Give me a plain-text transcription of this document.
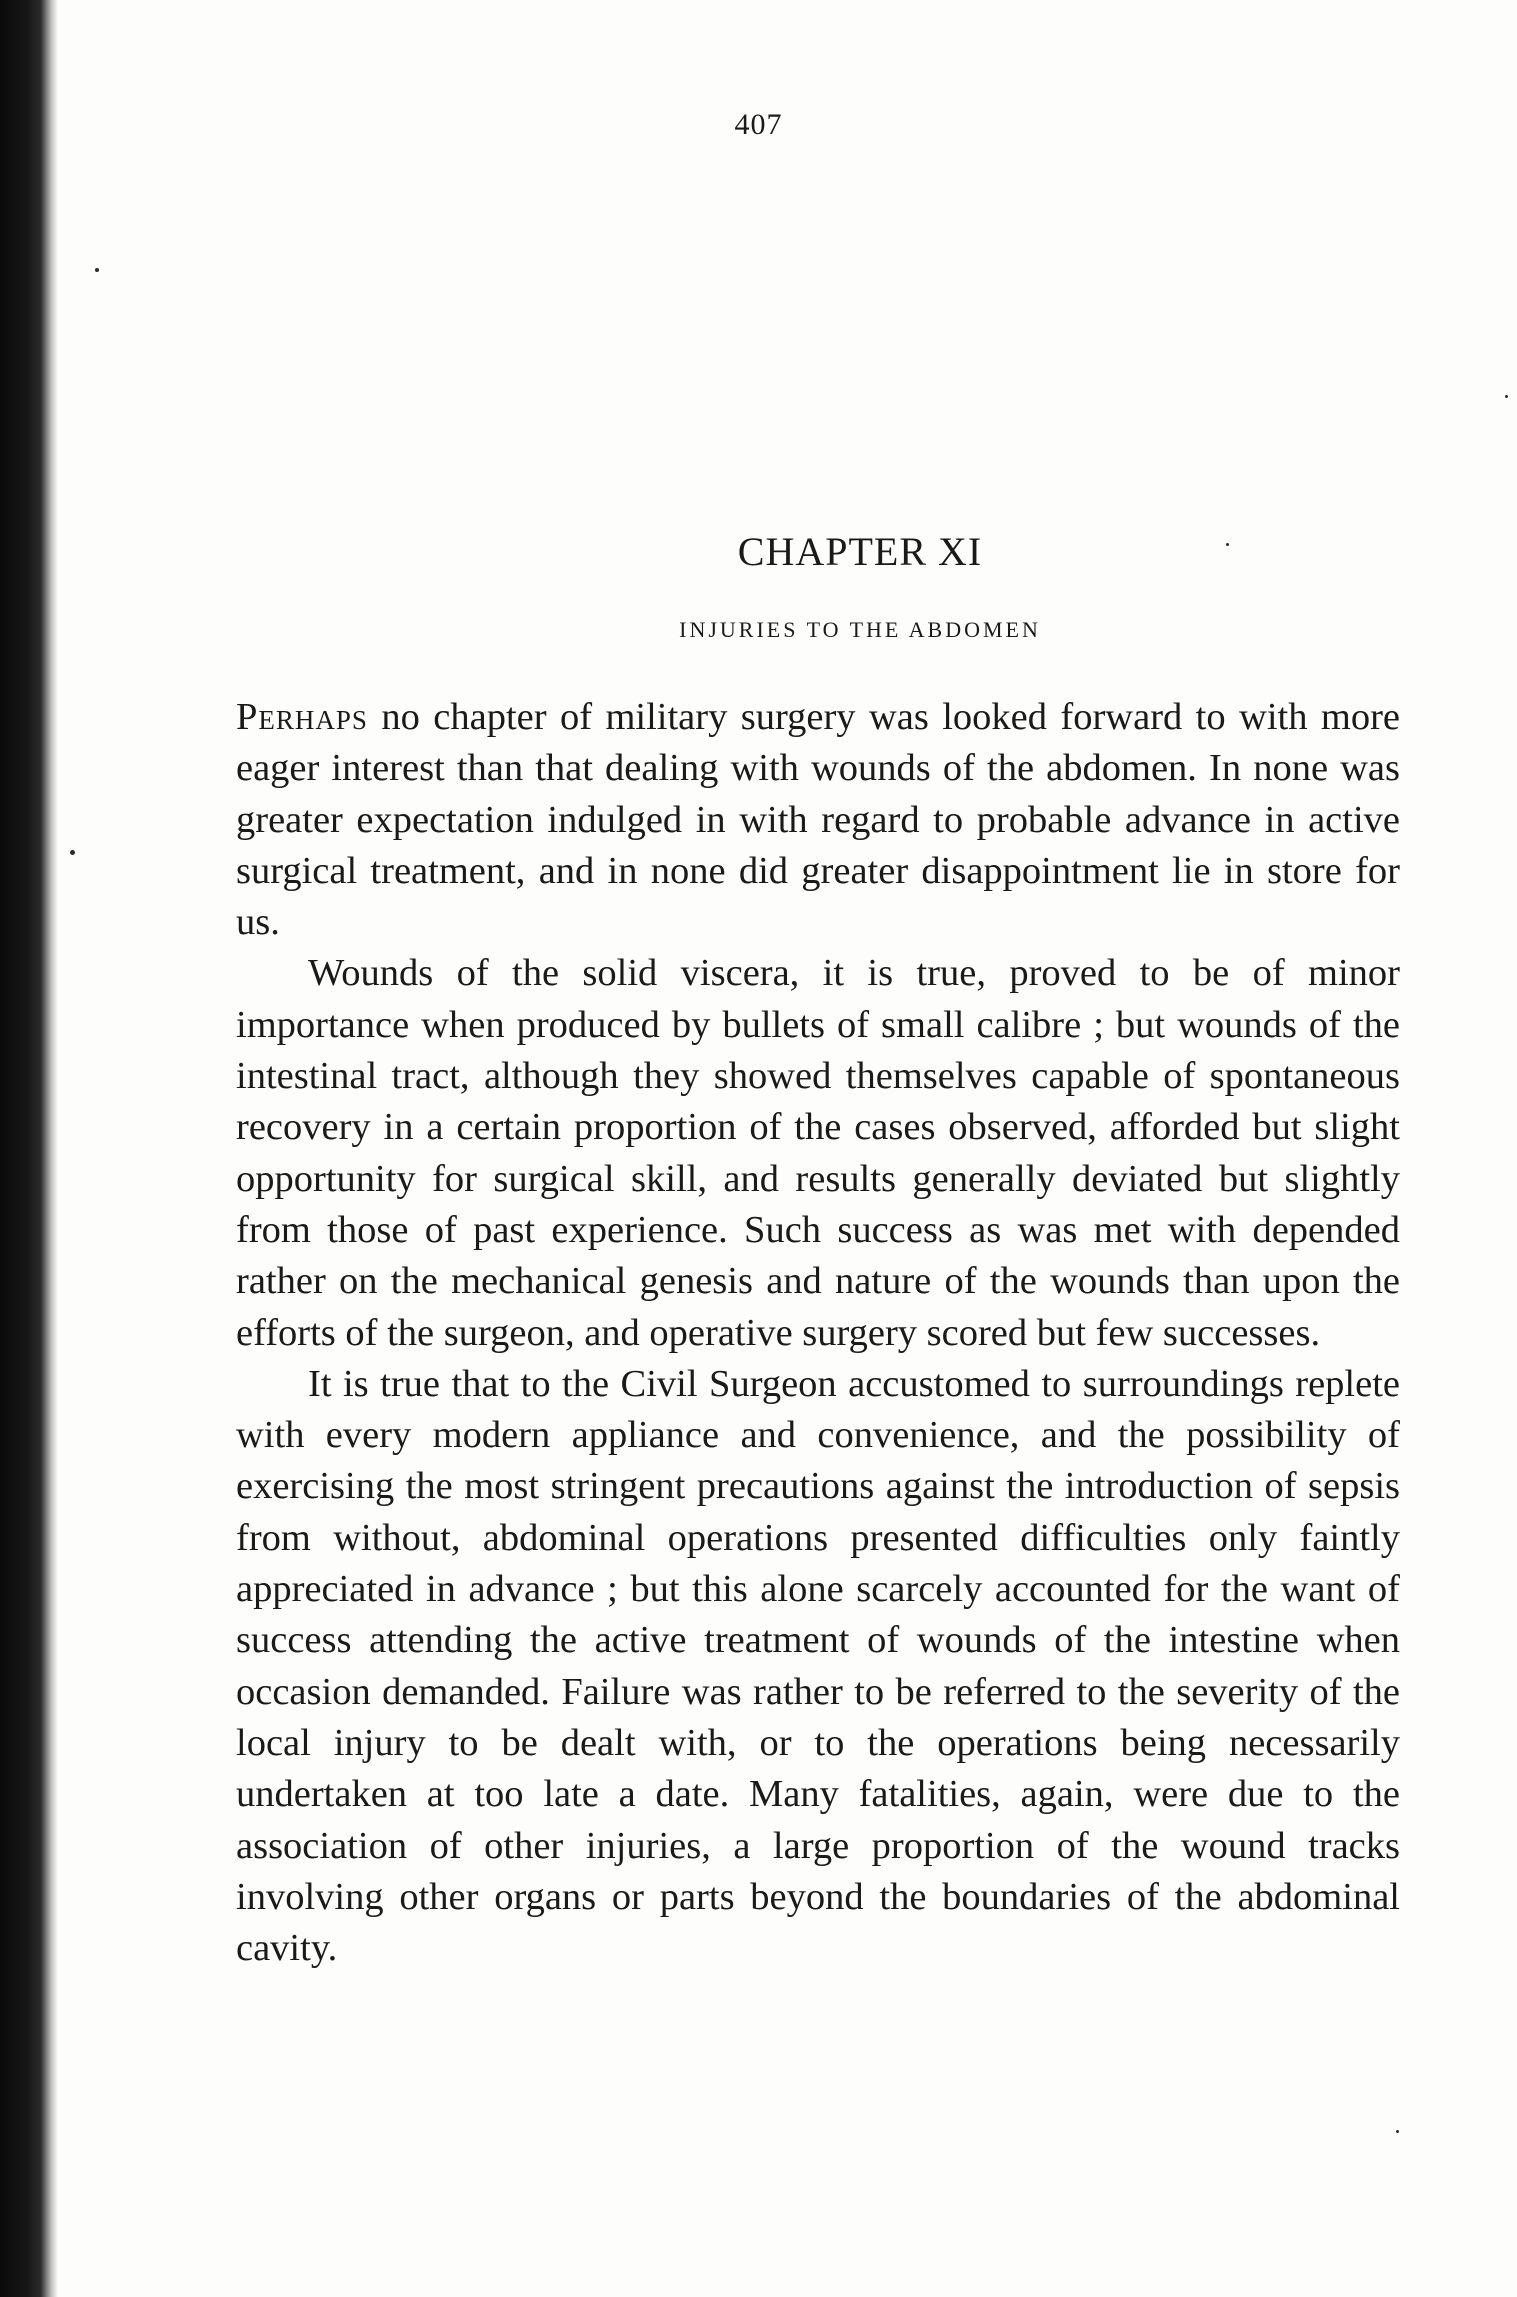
407
CHAPTER XI
INJURIES TO THE ABDOMEN

Perhaps no chapter of military surgery was looked forward to with more eager interest than that dealing with wounds of the abdomen. In none was greater expectation indulged in with regard to probable advance in active surgical treatment, and in none did greater disappointment lie in store for us.

Wounds of the solid viscera, it is true, proved to be of minor importance when produced by bullets of small calibre ; but wounds of the intestinal tract, although they showed themselves capable of spontaneous recovery in a certain proportion of the cases observed, afforded but slight opportunity for surgical skill, and results generally deviated but slightly from those of past experience. Such success as was met with depended rather on the mechanical genesis and nature of the wounds than upon the efforts of the surgeon, and operative surgery scored but few successes.

It is true that to the Civil Surgeon accustomed to surroundings replete with every modern appliance and convenience, and the possibility of exercising the most stringent precautions against the introduction of sepsis from without, abdominal operations presented difficulties only faintly appreciated in advance ; but this alone scarcely accounted for the want of success attending the active treatment of wounds of the intestine when occasion demanded. Failure was rather to be referred to the severity of the local injury to be dealt with, or to the operations being necessarily undertaken at too late a date. Many fatalities, again, were due to the association of other injuries, a large proportion of the wound tracks involving other organs or parts beyond the boundaries of the abdominal cavity.
